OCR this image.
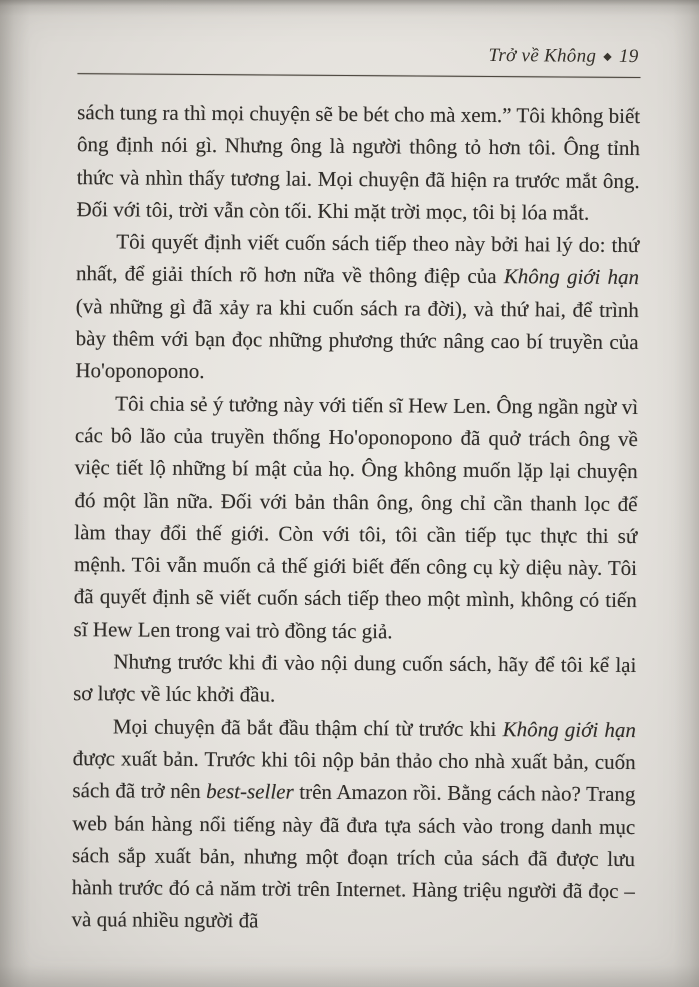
Trở về Không ◆ 19

sách tung ra thì mọi chuyện sẽ be bét cho mà xem.” Tôi không biết ông định nói gì. Nhưng ông là người thông tỏ hơn tôi. Ông tỉnh thức và nhìn thấy tương lai. Mọi chuyện đã hiện ra trước mắt ông. Đối với tôi, trời vẫn còn tối. Khi mặt trời mọc, tôi bị lóa mắt.

Tôi quyết định viết cuốn sách tiếp theo này bởi hai lý do: thứ nhất, để giải thích rõ hơn nữa về thông điệp của Không giới hạn (và những gì đã xảy ra khi cuốn sách ra đời), và thứ hai, để trình bày thêm với bạn đọc những phương thức nâng cao bí truyền của Ho'oponopono.

Tôi chia sẻ ý tưởng này với tiến sĩ Hew Len. Ông ngần ngừ vì các bô lão của truyền thống Ho'oponopono đã quở trách ông về việc tiết lộ những bí mật của họ. Ông không muốn lặp lại chuyện đó một lần nữa. Đối với bản thân ông, ông chỉ cần thanh lọc để làm thay đổi thế giới. Còn với tôi, tôi cần tiếp tục thực thi sứ mệnh. Tôi vẫn muốn cả thế giới biết đến công cụ kỳ diệu này. Tôi đã quyết định sẽ viết cuốn sách tiếp theo một mình, không có tiến sĩ Hew Len trong vai trò đồng tác giả.

Nhưng trước khi đi vào nội dung cuốn sách, hãy để tôi kể lại sơ lược về lúc khởi đầu.

Mọi chuyện đã bắt đầu thậm chí từ trước khi Không giới hạn được xuất bản. Trước khi tôi nộp bản thảo cho nhà xuất bản, cuốn sách đã trở nên best-seller trên Amazon rồi. Bằng cách nào? Trang web bán hàng nổi tiếng này đã đưa tựa sách vào trong danh mục sách sắp xuất bản, nhưng một đoạn trích của sách đã được lưu hành trước đó cả năm trời trên Internet. Hàng triệu người đã đọc – và quá nhiều người đã
